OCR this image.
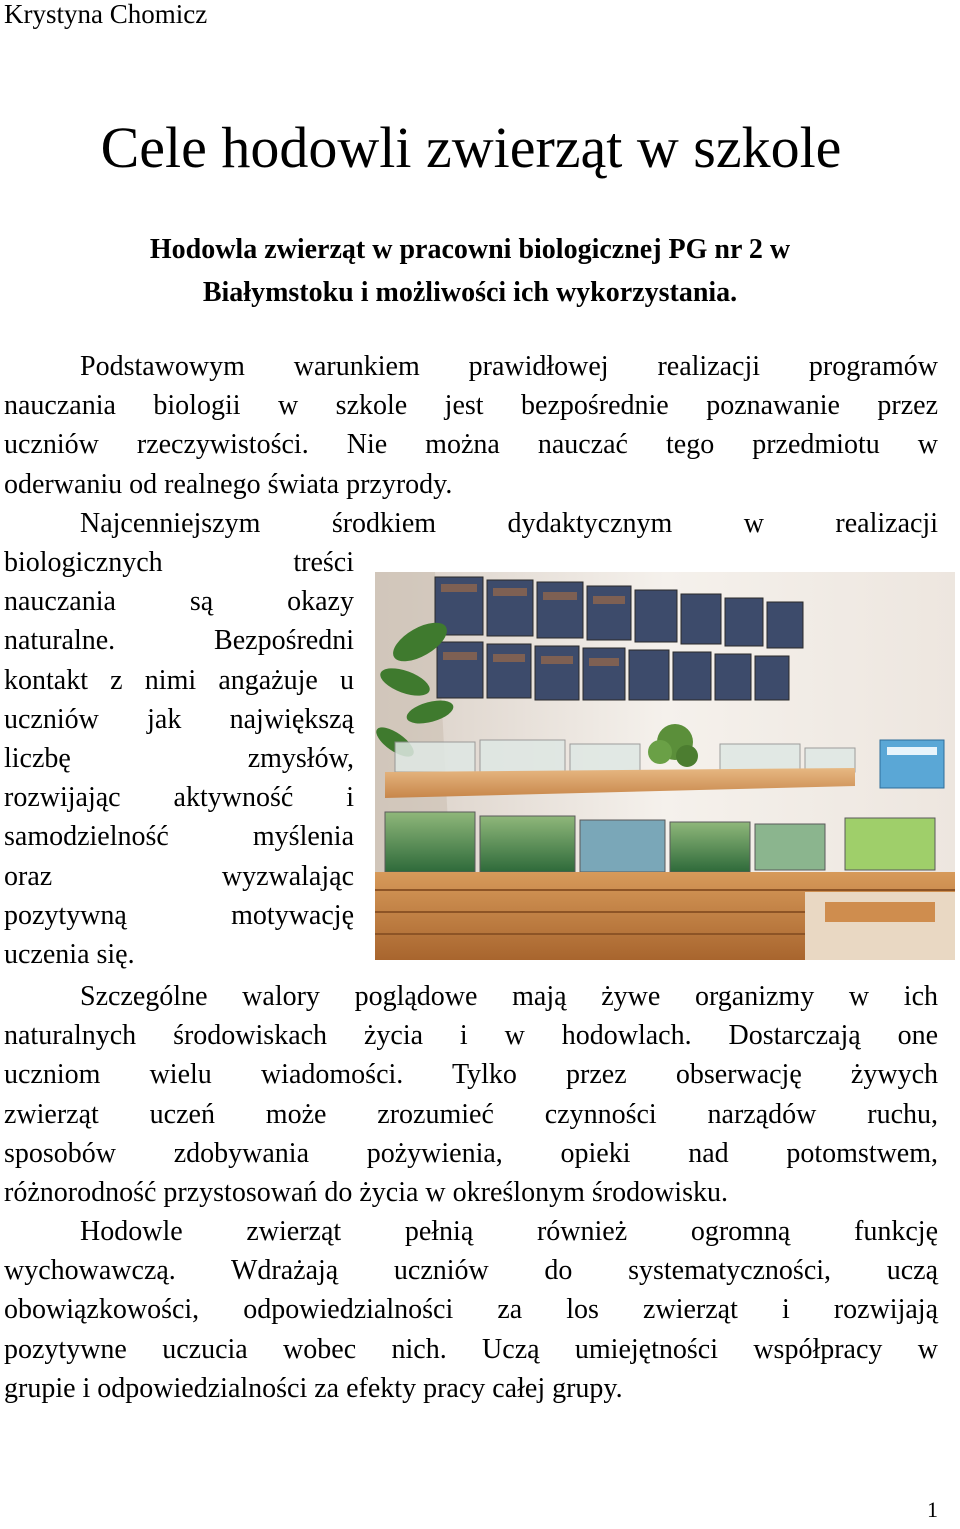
Krystyna Chomicz
Cele hodowli zwierząt w szkole
Hodowla zwierząt w pracowni biologicznej PG nr 2 w
Białymstoku i możliwości ich wykorzystania.
Podstawowym warunkiem prawidłowej realizacji programów
nauczania biologii w szkole jest bezpośrednie poznawanie przez
uczniów rzeczywistości. Nie można nauczać tego przedmiotu w
oderwaniu od realnego świata przyrody.
Najcenniejszym środkiem dydaktycznym w realizacji
biologicznych treści
nauczania są okazy
naturalne. Bezpośredni
kontakt z nimi angażuje u
uczniów jak największą
liczbę zmysłów,
rozwijając aktywność i
samodzielność myślenia
oraz wyzwalając
pozytywną motywację
uczenia się.
Szczególne walory poglądowe mają żywe organizmy w ich
naturalnych środowiskach życia i w hodowlach. Dostarczają one
uczniom wielu wiadomości. Tylko przez obserwację żywych
zwierząt uczeń może zrozumieć czynności narządów ruchu,
sposobów zdobywania pożywienia, opieki nad potomstwem,
różnorodność przystosowań do życia w określonym środowisku.
Hodowle zwierząt pełnią również ogromną funkcję
wychowawczą. Wdrażają uczniów do systematyczności, uczą
obowiązkowości, odpowiedzialności za los zwierząt i rozwijają
pozytywne uczucia wobec nich. Uczą umiejętności współpracy w
grupie i odpowiedzialności za efekty pracy całej grupy.
1
